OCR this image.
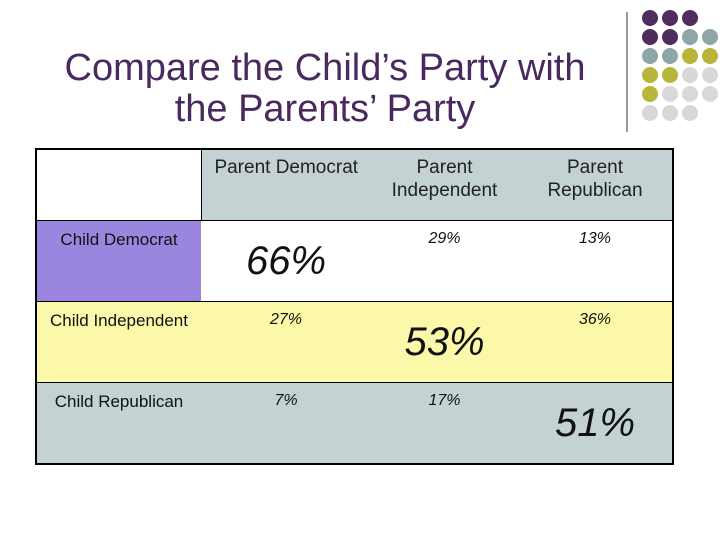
Compare the Child’s Party with
the Parents’ Party
	Parent Democrat	Parent Independent	Parent Republican
Child Democrat	66%	29%	13%
Child Independent	27%	53%	36%
Child Republican	7%	17%	51%
